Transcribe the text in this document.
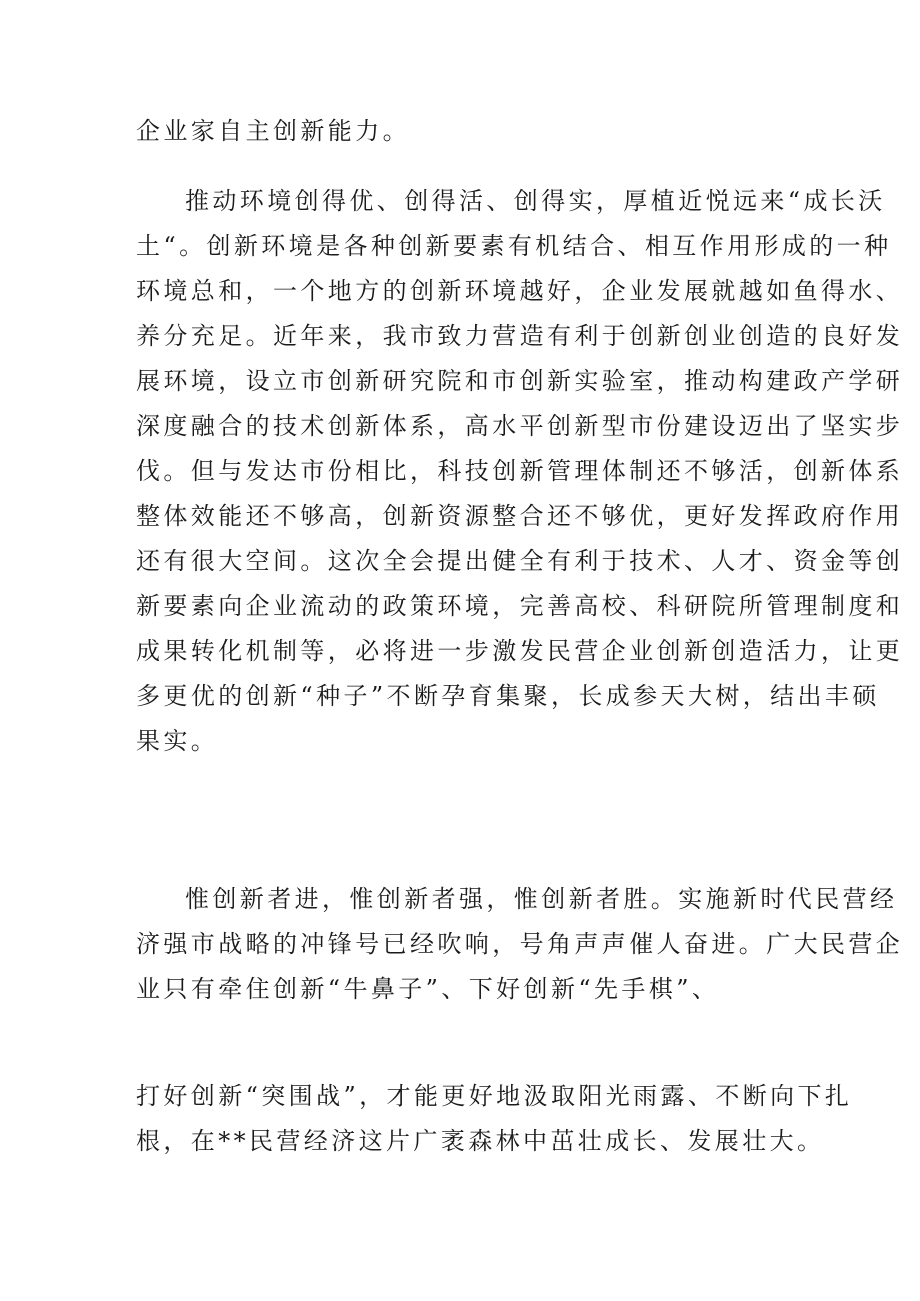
企业家自主创新能力。
推动环境创得优、创得活、创得实，厚植近悦远来“成长沃
土“。创新环境是各种创新要素有机结合、相互作用形成的一种
环境总和，一个地方的创新环境越好，企业发展就越如鱼得水、
养分充足。近年来，我市致力营造有利于创新创业创造的良好发
展环境，设立市创新研究院和市创新实验室，推动构建政产学研
深度融合的技术创新体系，高水平创新型市份建设迈出了坚实步
伐。但与发达市份相比，科技创新管理体制还不够活，创新体系
整体效能还不够高，创新资源整合还不够优，更好发挥政府作用
还有很大空间。这次全会提出健全有利于技术、人才、资金等创
新要素向企业流动的政策环境，完善高校、科研院所管理制度和
成果转化机制等，必将进一步激发民营企业创新创造活力，让更
多更优的创新“种子”不断孕育集聚，长成参天大树，结出丰硕
果实。
惟创新者进，惟创新者强，惟创新者胜。实施新时代民营经
济强市战略的冲锋号已经吹响，号角声声催人奋进。广大民营企
业只有牵住创新“牛鼻子”、下好创新“先手棋”、
打好创新“突围战”，才能更好地汲取阳光雨露、不断向下扎
根，在**民营经济这片广袤森林中茁壮成长、发展壮大。
